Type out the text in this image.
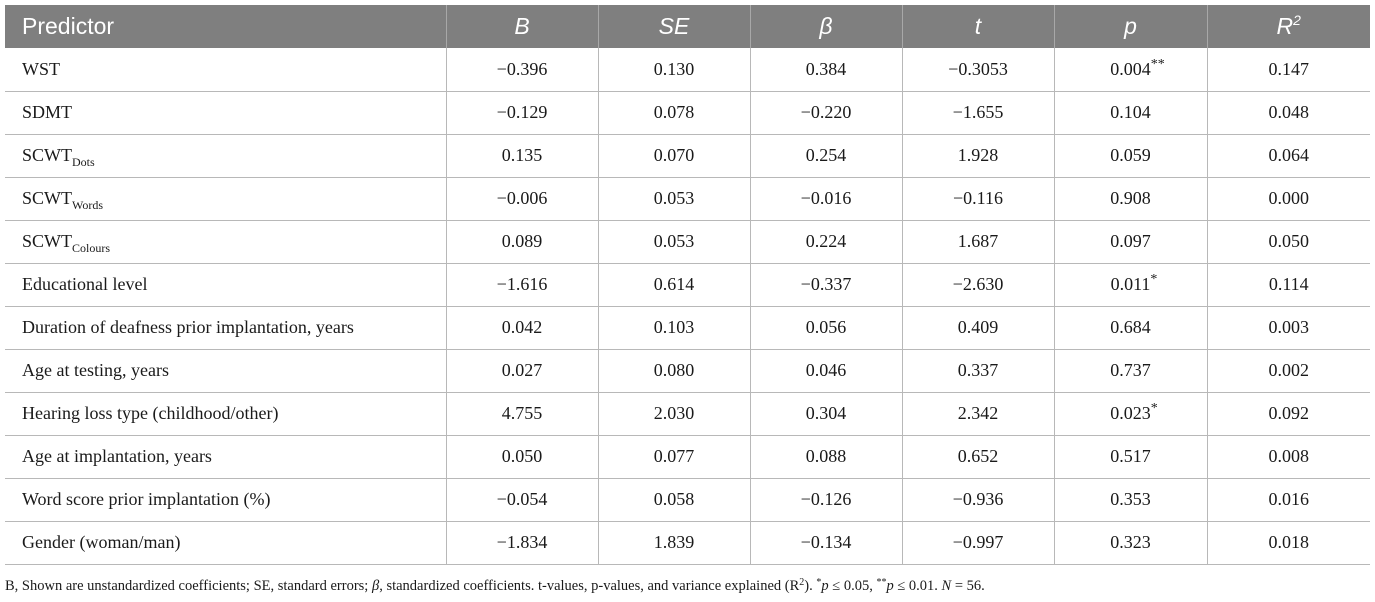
Predictor	B	SE	β	t	p	$R^2$
WST	−0.396	0.130	0.384	−0.3053	0.004 **	0.147
SDMT	−0.129	0.078	−0.220	−1.655	0.104	0.048
$SCWT_{Dots}$	0.135	0.070	0.254	1.928	0.059	0.064
$SCWT_{Words}$	−0.006	0.053	−0.016	−0.116	0.908	0.000
$SCWT_{Colours}$	0.089	0.053	0.224	1.687	0.097	0.050
Educational level	−1.616	0.614	−0.337	−2.630	0.011 *	0.114
Duration of deafness prior implantation, years	0.042	0.103	0.056	0.409	0.684	0.003
Age at testing, years	0.027	0.080	0.046	0.337	0.737	0.002
Hearing loss type (childhood/other)	4.755	2.030	0.304	2.342	0.023 *	0.092
Age at implantation, years	0.050	0.077	0.088	0.652	0.517	0.008
Word score prior implantation (%)	−0.054	0.058	−0.126	−0.936	0.353	0.016
Gender (woman/man)	−1.834	1.839	−0.134	−0.997	0.323	0.018
B, Shown are unstandardized coefficients; SE, standard errors; β, standardized coefficients. t-values, p-values, and variance explained $(R^2)$. *p ≤ 0.05, **p ≤ 0.01. N = 56.
